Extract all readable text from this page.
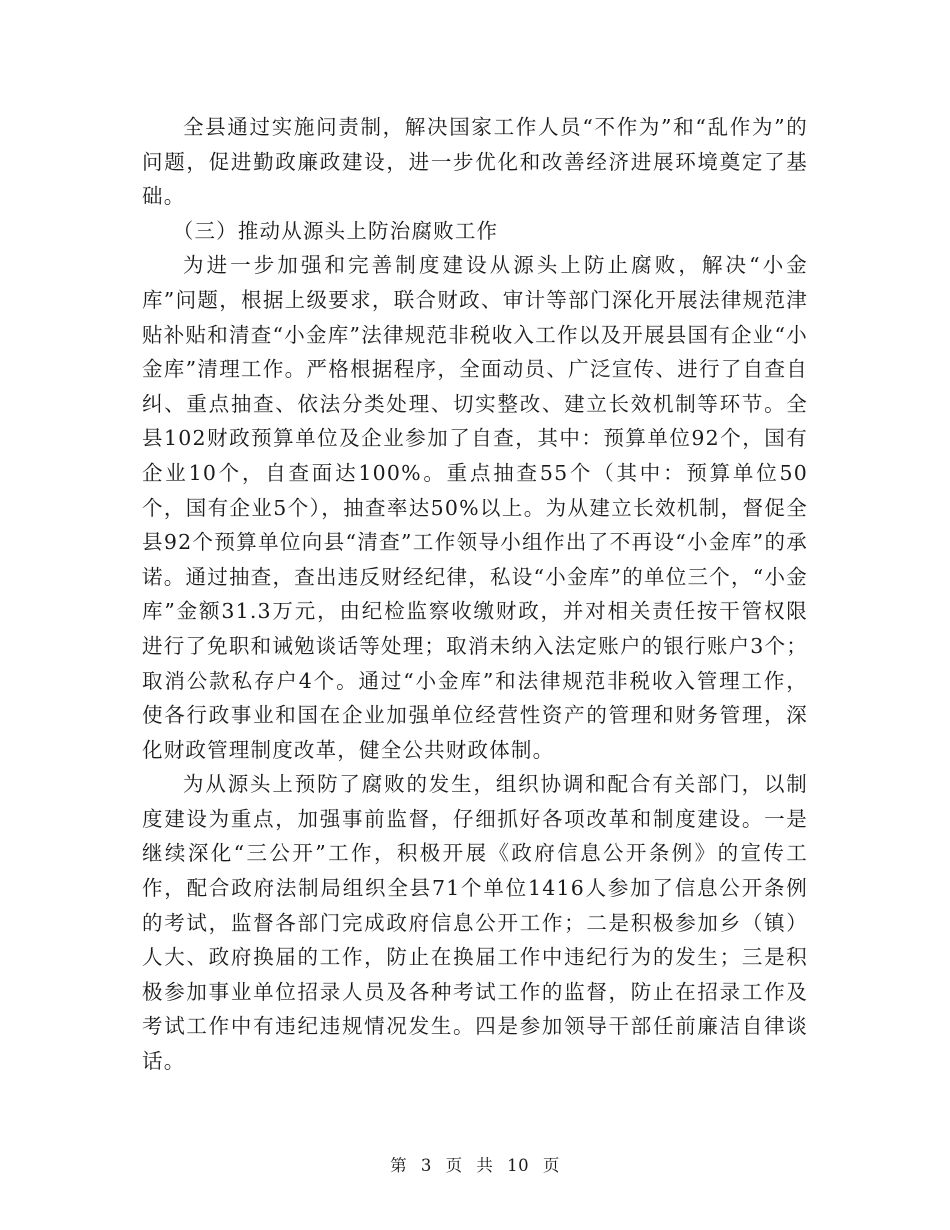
全县通过实施问责制，解决国家工作人员“不作为”和“乱作为”的问题，促进勤政廉政建设，进一步优化和改善经济进展环境奠定了基础。

（三）推动从源头上防治腐败工作

为进一步加强和完善制度建设从源头上防止腐败，解决“小金库”问题，根据上级要求，联合财政、审计等部门深化开展法律规范津贴补贴和清查“小金库”法律规范非税收入工作以及开展县国有企业“小金库”清理工作。严格根据程序，全面动员、广泛宣传、进行了自查自纠、重点抽查、依法分类处理、切实整改、建立长效机制等环节。全县102财政预算单位及企业参加了自查，其中：预算单位92个，国有企业10个，自查面达100%。重点抽查55个（其中：预算单位50个，国有企业5个），抽查率达50%以上。为从建立长效机制，督促全县92个预算单位向县“清查”工作领导小组作出了不再设“小金库”的承诺。通过抽查，查出违反财经纪律，私设“小金库”的单位三个，“小金库”金额31.3万元，由纪检监察收缴财政，并对相关责任按干管权限进行了免职和诫勉谈话等处理；取消未纳入法定账户的银行账户3个；取消公款私存户4个。通过“小金库”和法律规范非税收入管理工作，使各行政事业和国在企业加强单位经营性资产的管理和财务管理，深化财政管理制度改革，健全公共财政体制。

为从源头上预防了腐败的发生，组织协调和配合有关部门，以制度建设为重点，加强事前监督，仔细抓好各项改革和制度建设。一是继续深化“三公开”工作，积极开展《政府信息公开条例》的宣传工作，配合政府法制局组织全县71个单位1416人参加了信息公开条例的考试，监督各部门完成政府信息公开工作；二是积极参加乡（镇）人大、政府换届的工作，防止在换届工作中违纪行为的发生；三是积极参加事业单位招录人员及各种考试工作的监督，防止在招录工作及考试工作中有违纪违规情况发生。四是参加领导干部任前廉洁自律谈话。

第 3 页 共 10 页
